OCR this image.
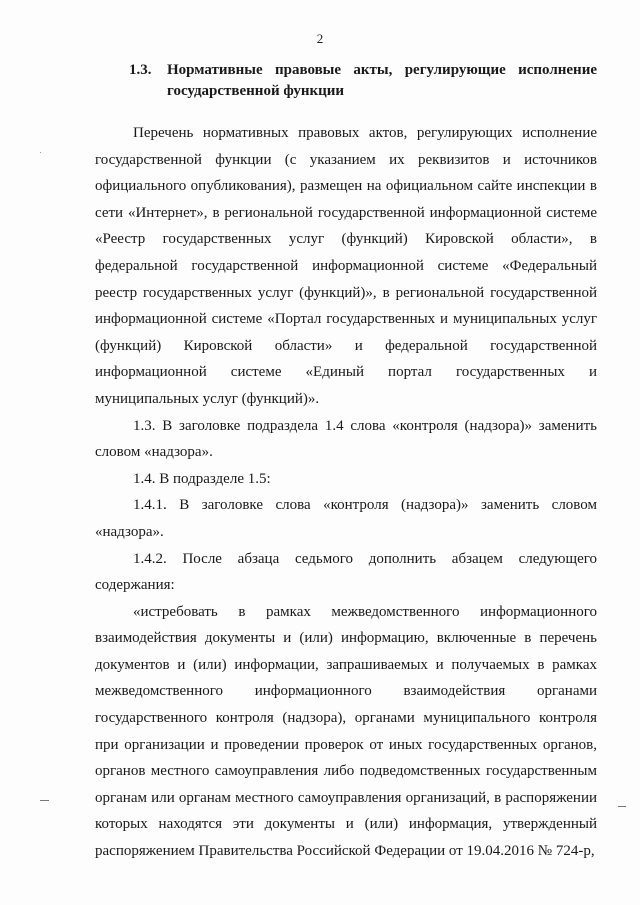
2

1.3. Нормативные правовые акты, регулирующие исполнение государственной функции

Перечень нормативных правовых актов, регулирующих исполнение государственной функции (с указанием их реквизитов и источников официального опубликования), размещен на официальном сайте инспекции в сети «Интернет», в региональной государственной информационной системе «Реестр государственных услуг (функций) Кировской области», в федеральной государственной информационной системе «Федеральный реестр государственных услуг (функций)», в региональной государственной информационной системе «Портал государственных и муниципальных услуг (функций) Кировской области» и федеральной государственной информационной системе «Единый портал государственных и муниципальных услуг (функций)».

1.3. В заголовке подраздела 1.4 слова «контроля (надзора)» заменить словом «надзора».

1.4. В подразделе 1.5:

1.4.1. В заголовке слова «контроля (надзора)» заменить словом «надзора».

1.4.2. После абзаца седьмого дополнить абзацем следующего содержания:

«истребовать в рамках межведомственного информационного взаимодействия документы и (или) информацию, включенные в перечень документов и (или) информации, запрашиваемых и получаемых в рамках межведомственного информационного взаимодействия органами государственного контроля (надзора), органами муниципального контроля при организации и проведении проверок от иных государственных органов, органов местного самоуправления либо подведомственных государственным органам или органам местного самоуправления организаций, в распоряжении которых находятся эти документы и (или) информация, утвержденный распоряжением Правительства Российской Федерации от 19.04.2016 № 724-р,
